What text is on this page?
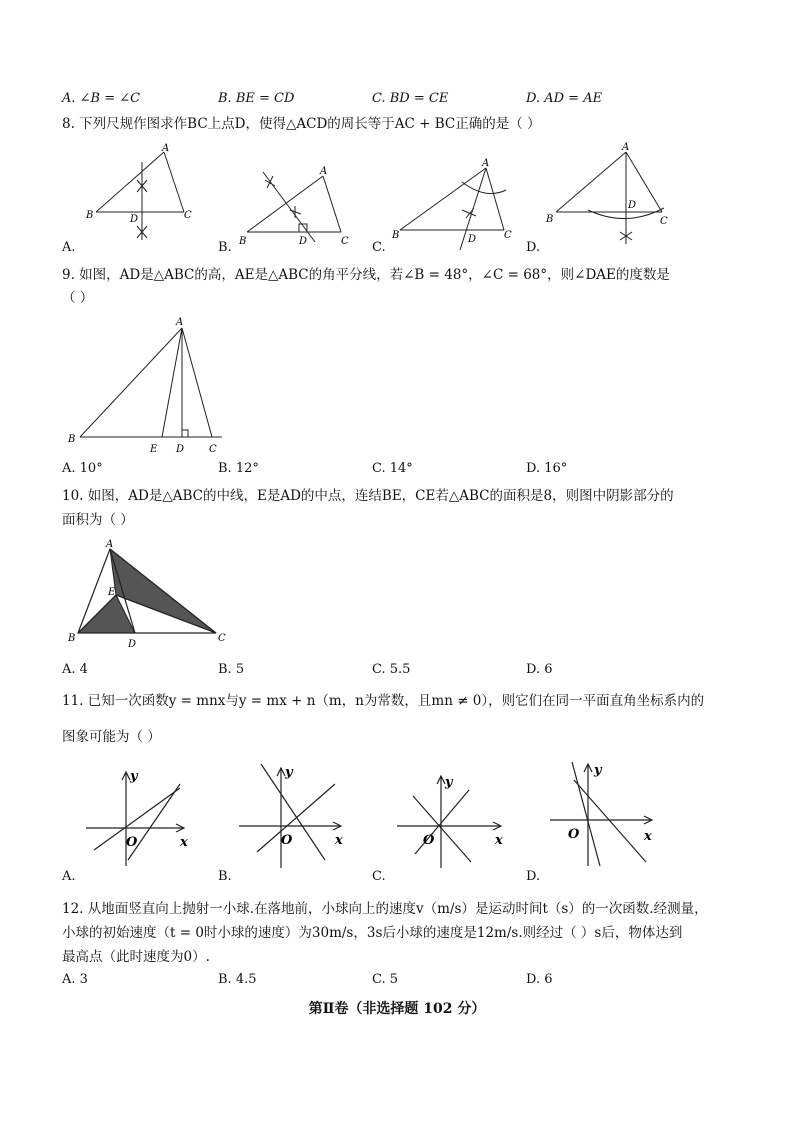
A. ∠B = ∠C	B. BE = CD	C. BD = CE	D. AD = AE
8. 下列尺规作图求作BC上点D，使得△ACD的周长等于AC + BC正确的是（ ）
A
B	C
D
A.
A
B	C
D
B.
A
B	C
D
C.
A
B	C
D
D.
9. 如图，AD是△ABC的高，AE是△ABC的角平分线，若∠B = 48°，∠C = 68°，则∠DAE的度数是
（ ）
A
B
C
D
E
A. 10°	B. 12°	C. 14°	D. 16°
10. 如图，AD是△ABC的中线，E是AD的中点，连结BE，CE若△ABC的面积是8，则图中阴影部分的
面积为（ ）
A
B	C
D
E
A. 4	B. 5	C. 5.5	D. 6
11. 已知一次函数y = mnx与y = mx + n（m，n为常数，且mn ≠ 0），则它们在同一平面直角坐标系内的
图象可能为（ ）
y
x
O
A.
y
x
O
B.
y
x
O
C.
y
x
O
D.
12. 从地面竖直向上抛射一小球.在落地前，小球向上的速度v（m/s）是运动时间t（s）的一次函数.经测量，
小球的初始速度（t = 0时小球的速度）为30m/s，3s后小球的速度是12m/s.则经过（ ）s后，物体达到
最高点（此时速度为0）.
A. 3	B. 4.5	C. 5	D. 6
第Ⅱ卷（非选择题 102 分）
